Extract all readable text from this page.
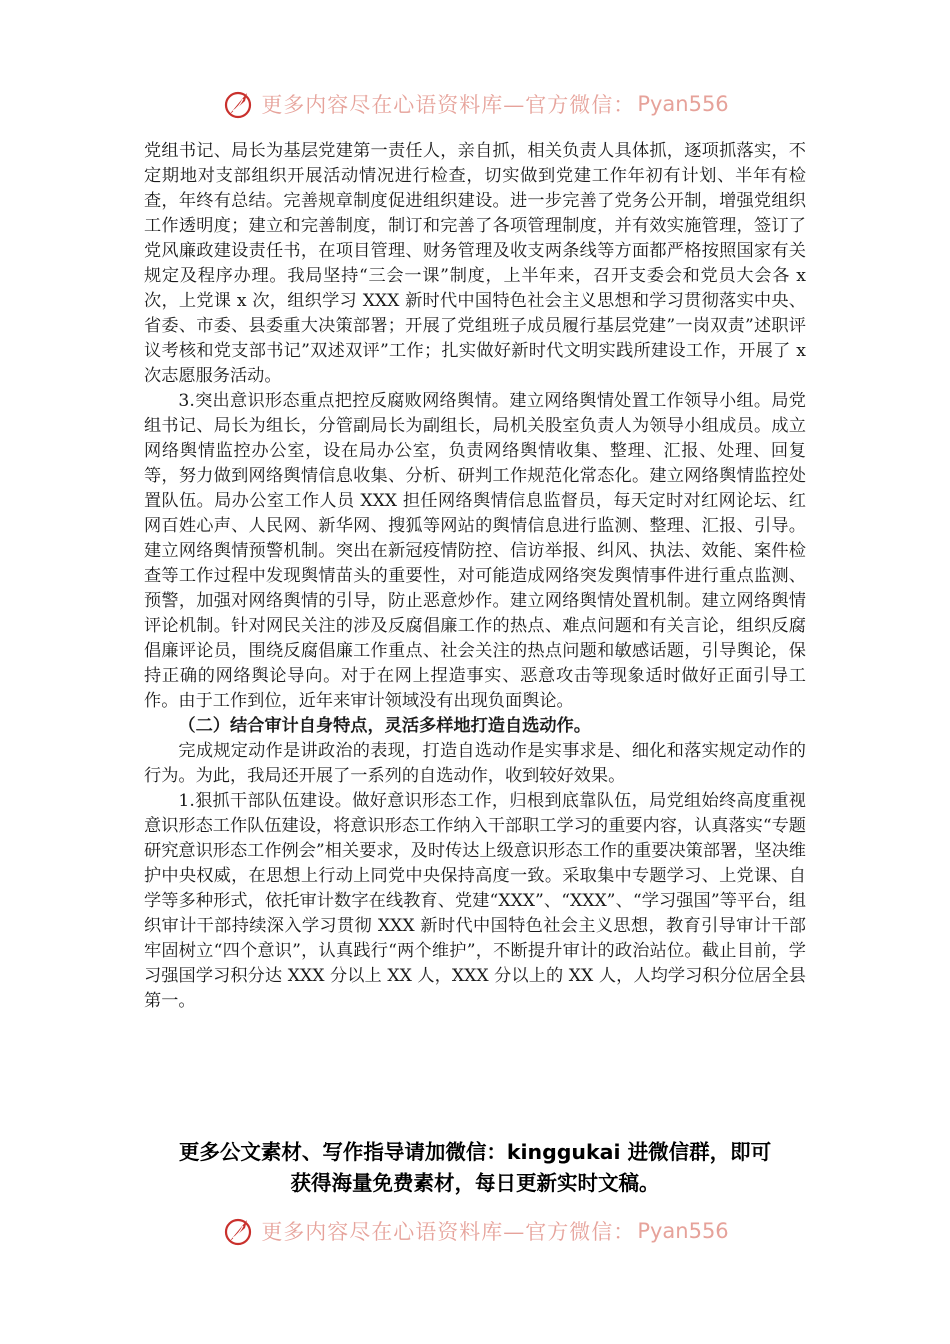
更多内容尽在心语资料库—官方微信： Pyan556

党组书记、局长为基层党建第一责任人，亲自抓，相关负责人具体抓，逐项抓落实，不定期地对支部组织开展活动情况进行检查，切实做到党建工作年初有计划、半年有检查，年终有总结。完善规章制度促进组织建设。进一步完善了党务公开制，增强党组织工作透明度；建立和完善制度，制订和完善了各项管理制度，并有效实施管理，签订了党风廉政建设责任书，在项目管理、财务管理及收支两条线等方面都严格按照国家有关规定及程序办理。我局坚持“三会一课”制度，上半年来，召开支委会和党员大会各 x 次，上党课 x 次，组织学习 XXX 新时代中国特色社会主义思想和学习贯彻落实中央、省委、市委、县委重大决策部署；开展了党组班子成员履行基层党建”一岗双责”述职评议考核和党支部书记”双述双评”工作；扎实做好新时代文明实践所建设工作，开展了 x 次志愿服务活动。

3.突出意识形态重点把控反腐败网络舆情。建立网络舆情处置工作领导小组。局党组书记、局长为组长，分管副局长为副组长，局机关股室负责人为领导小组成员。成立网络舆情监控办公室，设在局办公室，负责网络舆情收集、整理、汇报、处理、回复等，努力做到网络舆情信息收集、分析、研判工作规范化常态化。建立网络舆情监控处置队伍。局办公室工作人员 XXX 担任网络舆情信息监督员，每天定时对红网论坛、红网百姓心声、人民网、新华网、搜狐等网站的舆情信息进行监测、整理、汇报、引导。建立网络舆情预警机制。突出在新冠疫情防控、信访举报、纠风、执法、效能、案件检查等工作过程中发现舆情苗头的重要性，对可能造成网络突发舆情事件进行重点监测、预警，加强对网络舆情的引导，防止恶意炒作。建立网络舆情处置机制。建立网络舆情评论机制。针对网民关注的涉及反腐倡廉工作的热点、难点问题和有关言论，组织反腐倡廉评论员，围绕反腐倡廉工作重点、社会关注的热点问题和敏感话题，引导舆论，保持正确的网络舆论导向。对于在网上捏造事实、恶意攻击等现象适时做好正面引导工作。由于工作到位，近年来审计领域没有出现负面舆论。

（二）结合审计自身特点，灵活多样地打造自选动作。

完成规定动作是讲政治的表现，打造自选动作是实事求是、细化和落实规定动作的行为。为此，我局还开展了一系列的自选动作，收到较好效果。

1.狠抓干部队伍建设。做好意识形态工作，归根到底靠队伍，局党组始终高度重视意识形态工作队伍建设，将意识形态工作纳入干部职工学习的重要内容，认真落实“专题研究意识形态工作例会”相关要求，及时传达上级意识形态工作的重要决策部署，坚决维护中央权威，在思想上行动上同党中央保持高度一致。采取集中专题学习、上党课、自学等多种形式，依托审计数字在线教育、党建“XXX”、“XXX”、“学习强国”等平台，组织审计干部持续深入学习贯彻 XXX 新时代中国特色社会主义思想，教育引导审计干部牢固树立“四个意识”，认真践行“两个维护”，不断提升审计的政治站位。截止目前，学习强国学习积分达 XXX 分以上 XX 人，XXX 分以上的 XX 人，人均学习积分位居全县第一。

更多公文素材、写作指导请加微信：kinggukai 进微信群，即可
获得海量免费素材，每日更新实时文稿。
更多内容尽在心语资料库—官方微信： Pyan556
